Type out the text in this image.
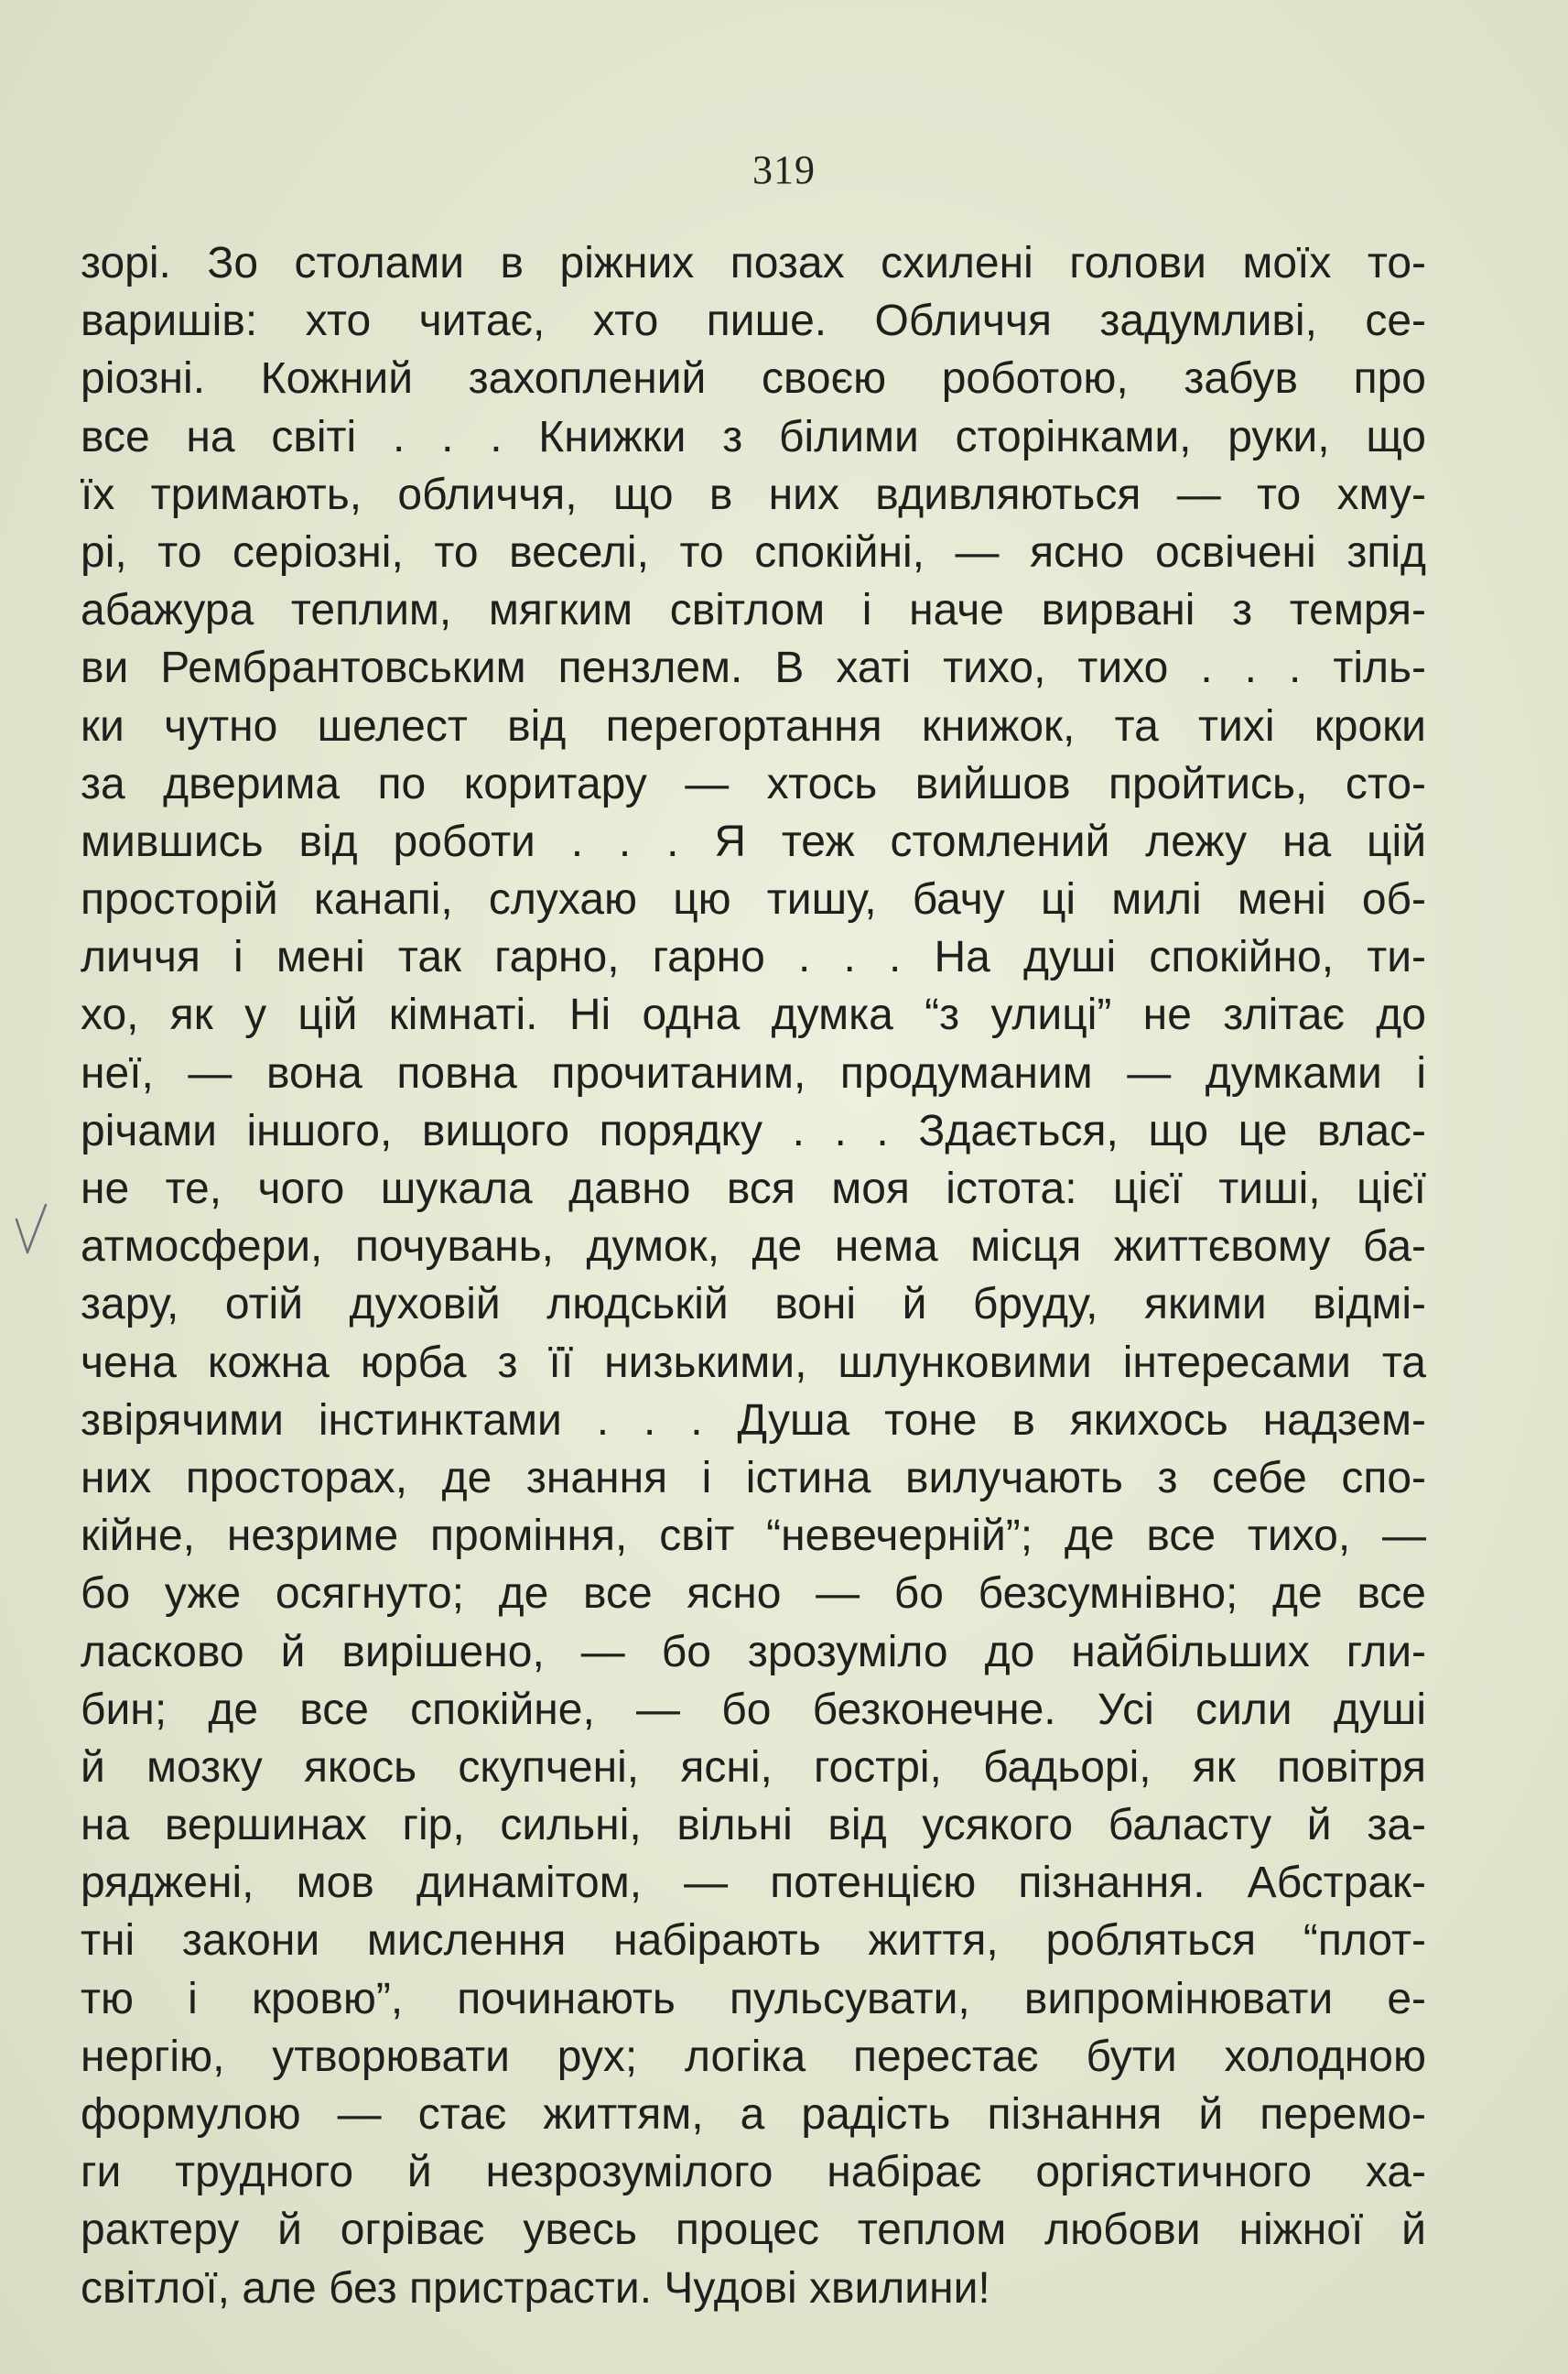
319
зорі. Зо столами в ріжних позах схилені голови моїх то-
варишів: хто читає, хто пише. Обличчя задумливі, се-
ріозні. Кожний захоплений своєю роботою, забув про
все на світі . . . Книжки з білими сторінками, руки, що
їх тримають, обличчя, що в них вдивляються — то хму-
рі, то серіозні, то веселі, то спокійні, — ясно освічені зпід
абажура теплим, мягким світлом і наче вирвані з темря-
ви Рембрантовським пензлем. В хаті тихо, тихо . . . тіль-
ки чутно шелест від перегортання книжок, та тихі кроки
за дверима по коритару — хтось вийшов пройтись, сто-
мившись від роботи . . . Я теж стомлений лежу на цій
просторій канапі, слухаю цю тишу, бачу ці милі мені об-
личчя і мені так гарно, гарно . . . На душі спокійно, ти-
хо, як у цій кімнаті. Ні одна думка “з улиці” не злітає до
неї, — вона повна прочитаним, продуманим — думками і
річами іншого, вищого порядку . . . Здається, що це влас-
не те, чого шукала давно вся моя істота: цієї тиші, цієї
атмосфери, почувань, думок, де нема місця життєвому ба-
зару, отій духовій людській воні й бруду, якими відмі-
чена кожна юрба з її низькими, шлунковими інтересами та
звірячими інстинктами . . . Душа тоне в якихось надзем-
них просторах, де знання і істина вилучають з себе спо-
кійне, незриме проміння, світ “невечерній”; де все тихо, —
бо уже осягнуто; де все ясно — бо безсумнівно; де все
ласково й вирішено, — бо зрозуміло до найбільших гли-
бин; де все спокійне, — бо безконечне. Усі сили душі
й мозку якось скупчені, ясні, гострі, бадьорі, як повітря
на вершинах гір, сильні, вільні від усякого баласту й за-
ряджені, мов динамітом, — потенцією пізнання. Абстрак-
тні закони мислення набірають життя, робляться “плот-
тю і кровю”, починають пульсувати, випромінювати е-
нергію, утворювати рух; логіка перестає бути холодною
формулою — стає життям, а радість пізнання й перемо-
ги трудного й незрозумілого набірає оргіястичного ха-
рактеру й огріває увесь процес теплом любови ніжної й
світлої, але без пристрасти. Чудові хвилини!
